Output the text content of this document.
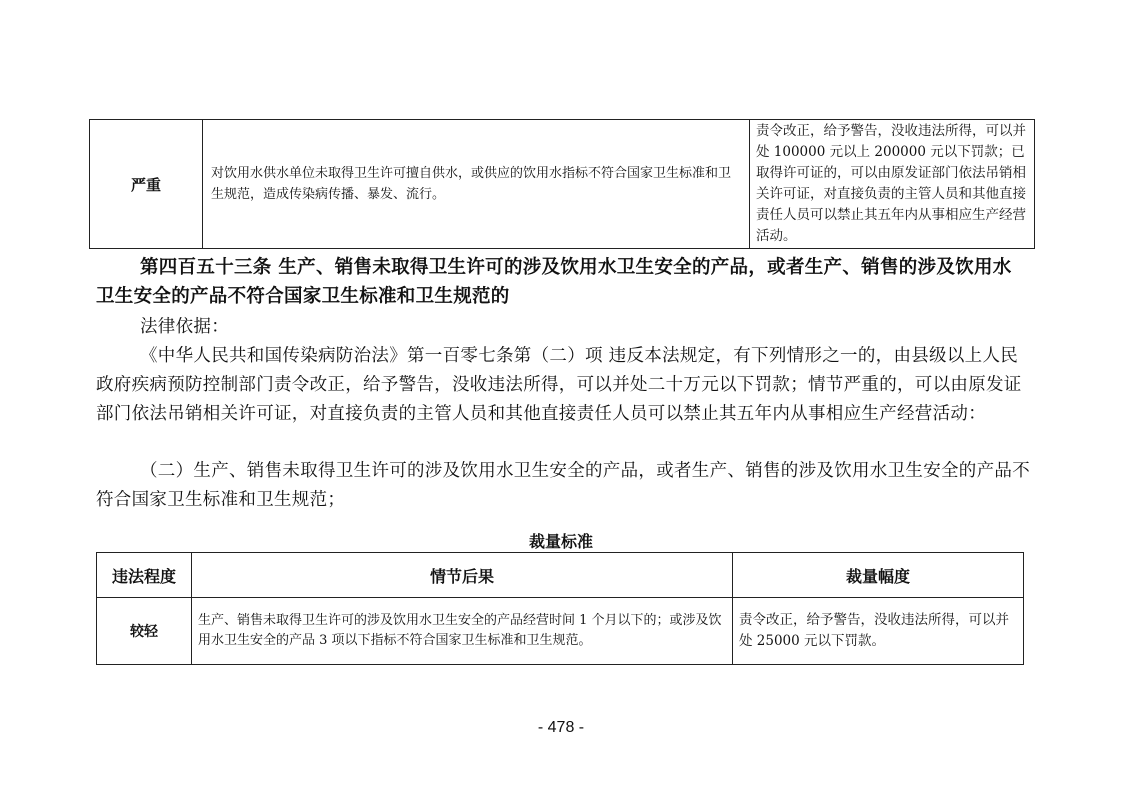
严重	对饮用水供水单位未取得卫生许可擅自供水，或供应的饮用水指标不符合国家卫生标准和卫生规范，造成传染病传播、暴发、流行。	责令改正，给予警告，没收违法所得，可以并处 100000 元以上 200000 元以下罚款；已取得许可证的，可以由原发证部门依法吊销相关许可证，对直接负责的主管人员和其他直接责任人员可以禁止其五年内从事相应生产经营活动。

第四百五十三条 生产、销售未取得卫生许可的涉及饮用水卫生安全的产品，或者生产、销售的涉及饮用水卫生安全的产品不符合国家卫生标准和卫生规范的

法律依据：

《中华人民共和国传染病防治法》第一百零七条第（二）项 违反本法规定，有下列情形之一的，由县级以上人民政府疾病预防控制部门责令改正，给予警告，没收违法所得，可以并处二十万元以下罚款；情节严重的，可以由原发证部门依法吊销相关许可证，对直接负责的主管人员和其他直接责任人员可以禁止其五年内从事相应生产经营活动：

（二）生产、销售未取得卫生许可的涉及饮用水卫生安全的产品，或者生产、销售的涉及饮用水卫生安全的产品不符合国家卫生标准和卫生规范；

裁量标准
违法程度	情节后果	裁量幅度
较轻	生产、销售未取得卫生许可的涉及饮用水卫生安全的产品经营时间 1 个月以下的；或涉及饮用水卫生安全的产品 3 项以下指标不符合国家卫生标准和卫生规范。	责令改正，给予警告，没收违法所得，可以并处 25000 元以下罚款。
- 478 -
